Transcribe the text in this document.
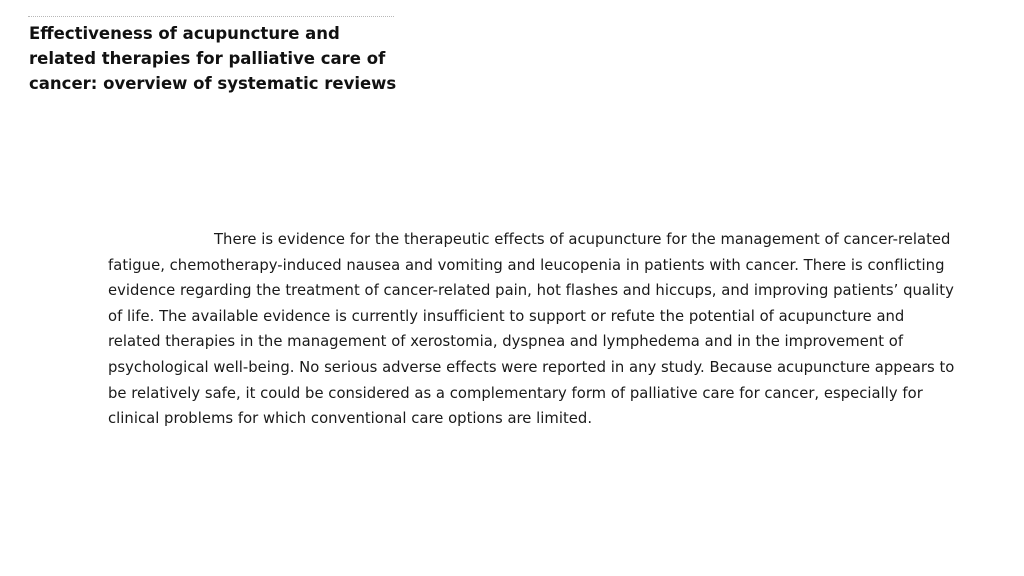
Effectiveness of acupuncture and related therapies for palliative care of cancer: overview of systematic reviews

There is evidence for the therapeutic effects of acupuncture for the management of cancer-related fatigue, chemotherapy-induced nausea and vomiting and leucopenia in patients with cancer. There is conflicting evidence regarding the treatment of cancer-related pain, hot flashes and hiccups, and improving patients’ quality of life. The available evidence is currently insufficient to support or refute the potential of acupuncture and related therapies in the management of xerostomia, dyspnea and lymphedema and in the improvement of psychological well-being. No serious adverse effects were reported in any study. Because acupuncture appears to be relatively safe, it could be considered as a complementary form of palliative care for cancer, especially for clinical problems for which conventional care options are limited.
